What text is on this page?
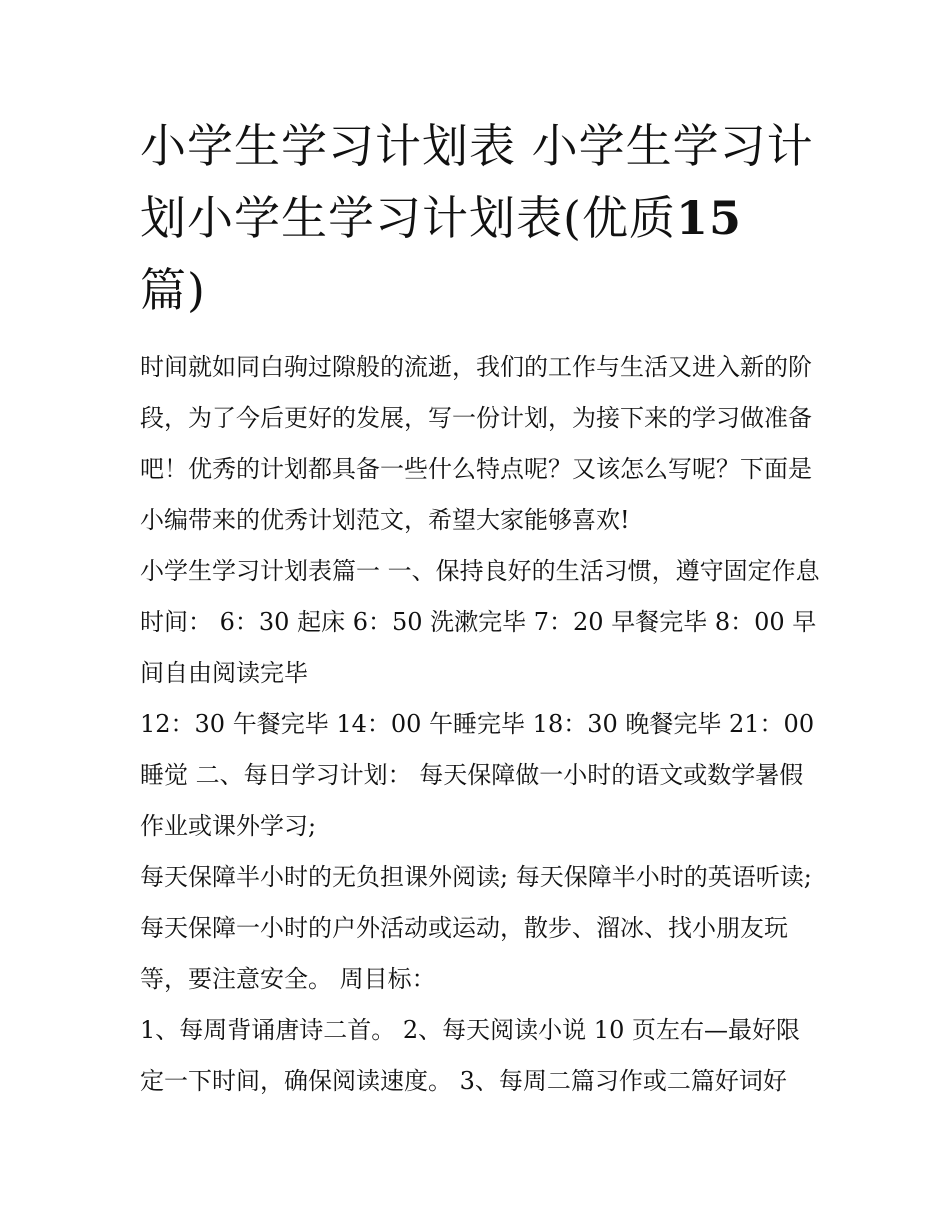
小学生学习计划表 小学生学习计划小学生学习计划表(优质15 篇)

时间就如同白驹过隙般的流逝，我们的工作与生活又进入新的阶段，为了今后更好的发展，写一份计划，为接下来的学习做准备吧！优秀的计划都具备一些什么特点呢？又该怎么写呢？下面是小编带来的优秀计划范文，希望大家能够喜欢!

小学生学习计划表篇一 一、保持良好的生活习惯，遵守固定作息时间： 6：30 起床 6：50 洗漱完毕 7：20 早餐完毕 8：00 早间自由阅读完毕

12：30 午餐完毕 14：00 午睡完毕 18：30 晚餐完毕 21：00 睡觉 二、每日学习计划： 每天保障做一小时的语文或数学暑假作业或课外学习;

每天保障半小时的无负担课外阅读; 每天保障半小时的英语听读; 每天保障一小时的户外活动或运动，散步、溜冰、找小朋友玩等，要注意安全。 周目标：

1、每周背诵唐诗二首。 2、每天阅读小说 10 页左右—最好限定一下时间，确保阅读速度。 3、每周二篇习作或二篇好词好
